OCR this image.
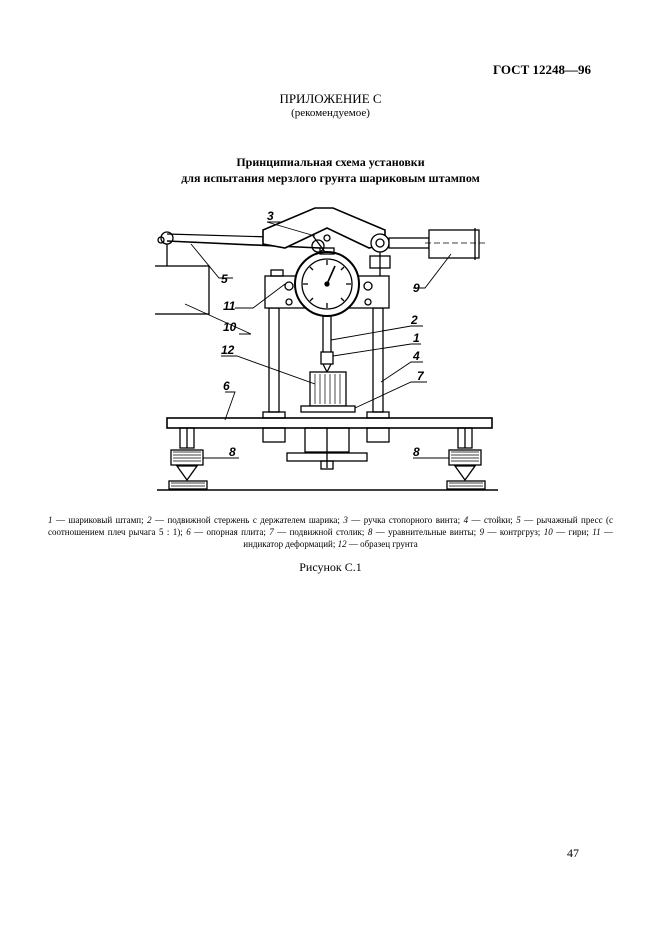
ГОСТ 12248—96
ПРИЛОЖЕНИЕ С
(рекомендуемое)
Принципиальная схема установки
для испытания мерзлого грунта шариковым штампом
3
5
11
10
9
2
1
12	4
7
6
8	8
1 — шариковый штамп; 2 — подвижной стержень с держателем шарика; 3 — ручка стопорного винта; 4 — стойки; 5 — рычажный пресс (с соотношением плеч рычага 5 : 1); 6 — опорная плита; 7 — подвижной столик; 8 — уравнительные винты; 9 — контргруз; 10 — гири; 11 — индикатор деформаций; 12 — образец грунта
Рисунок С.1
47
